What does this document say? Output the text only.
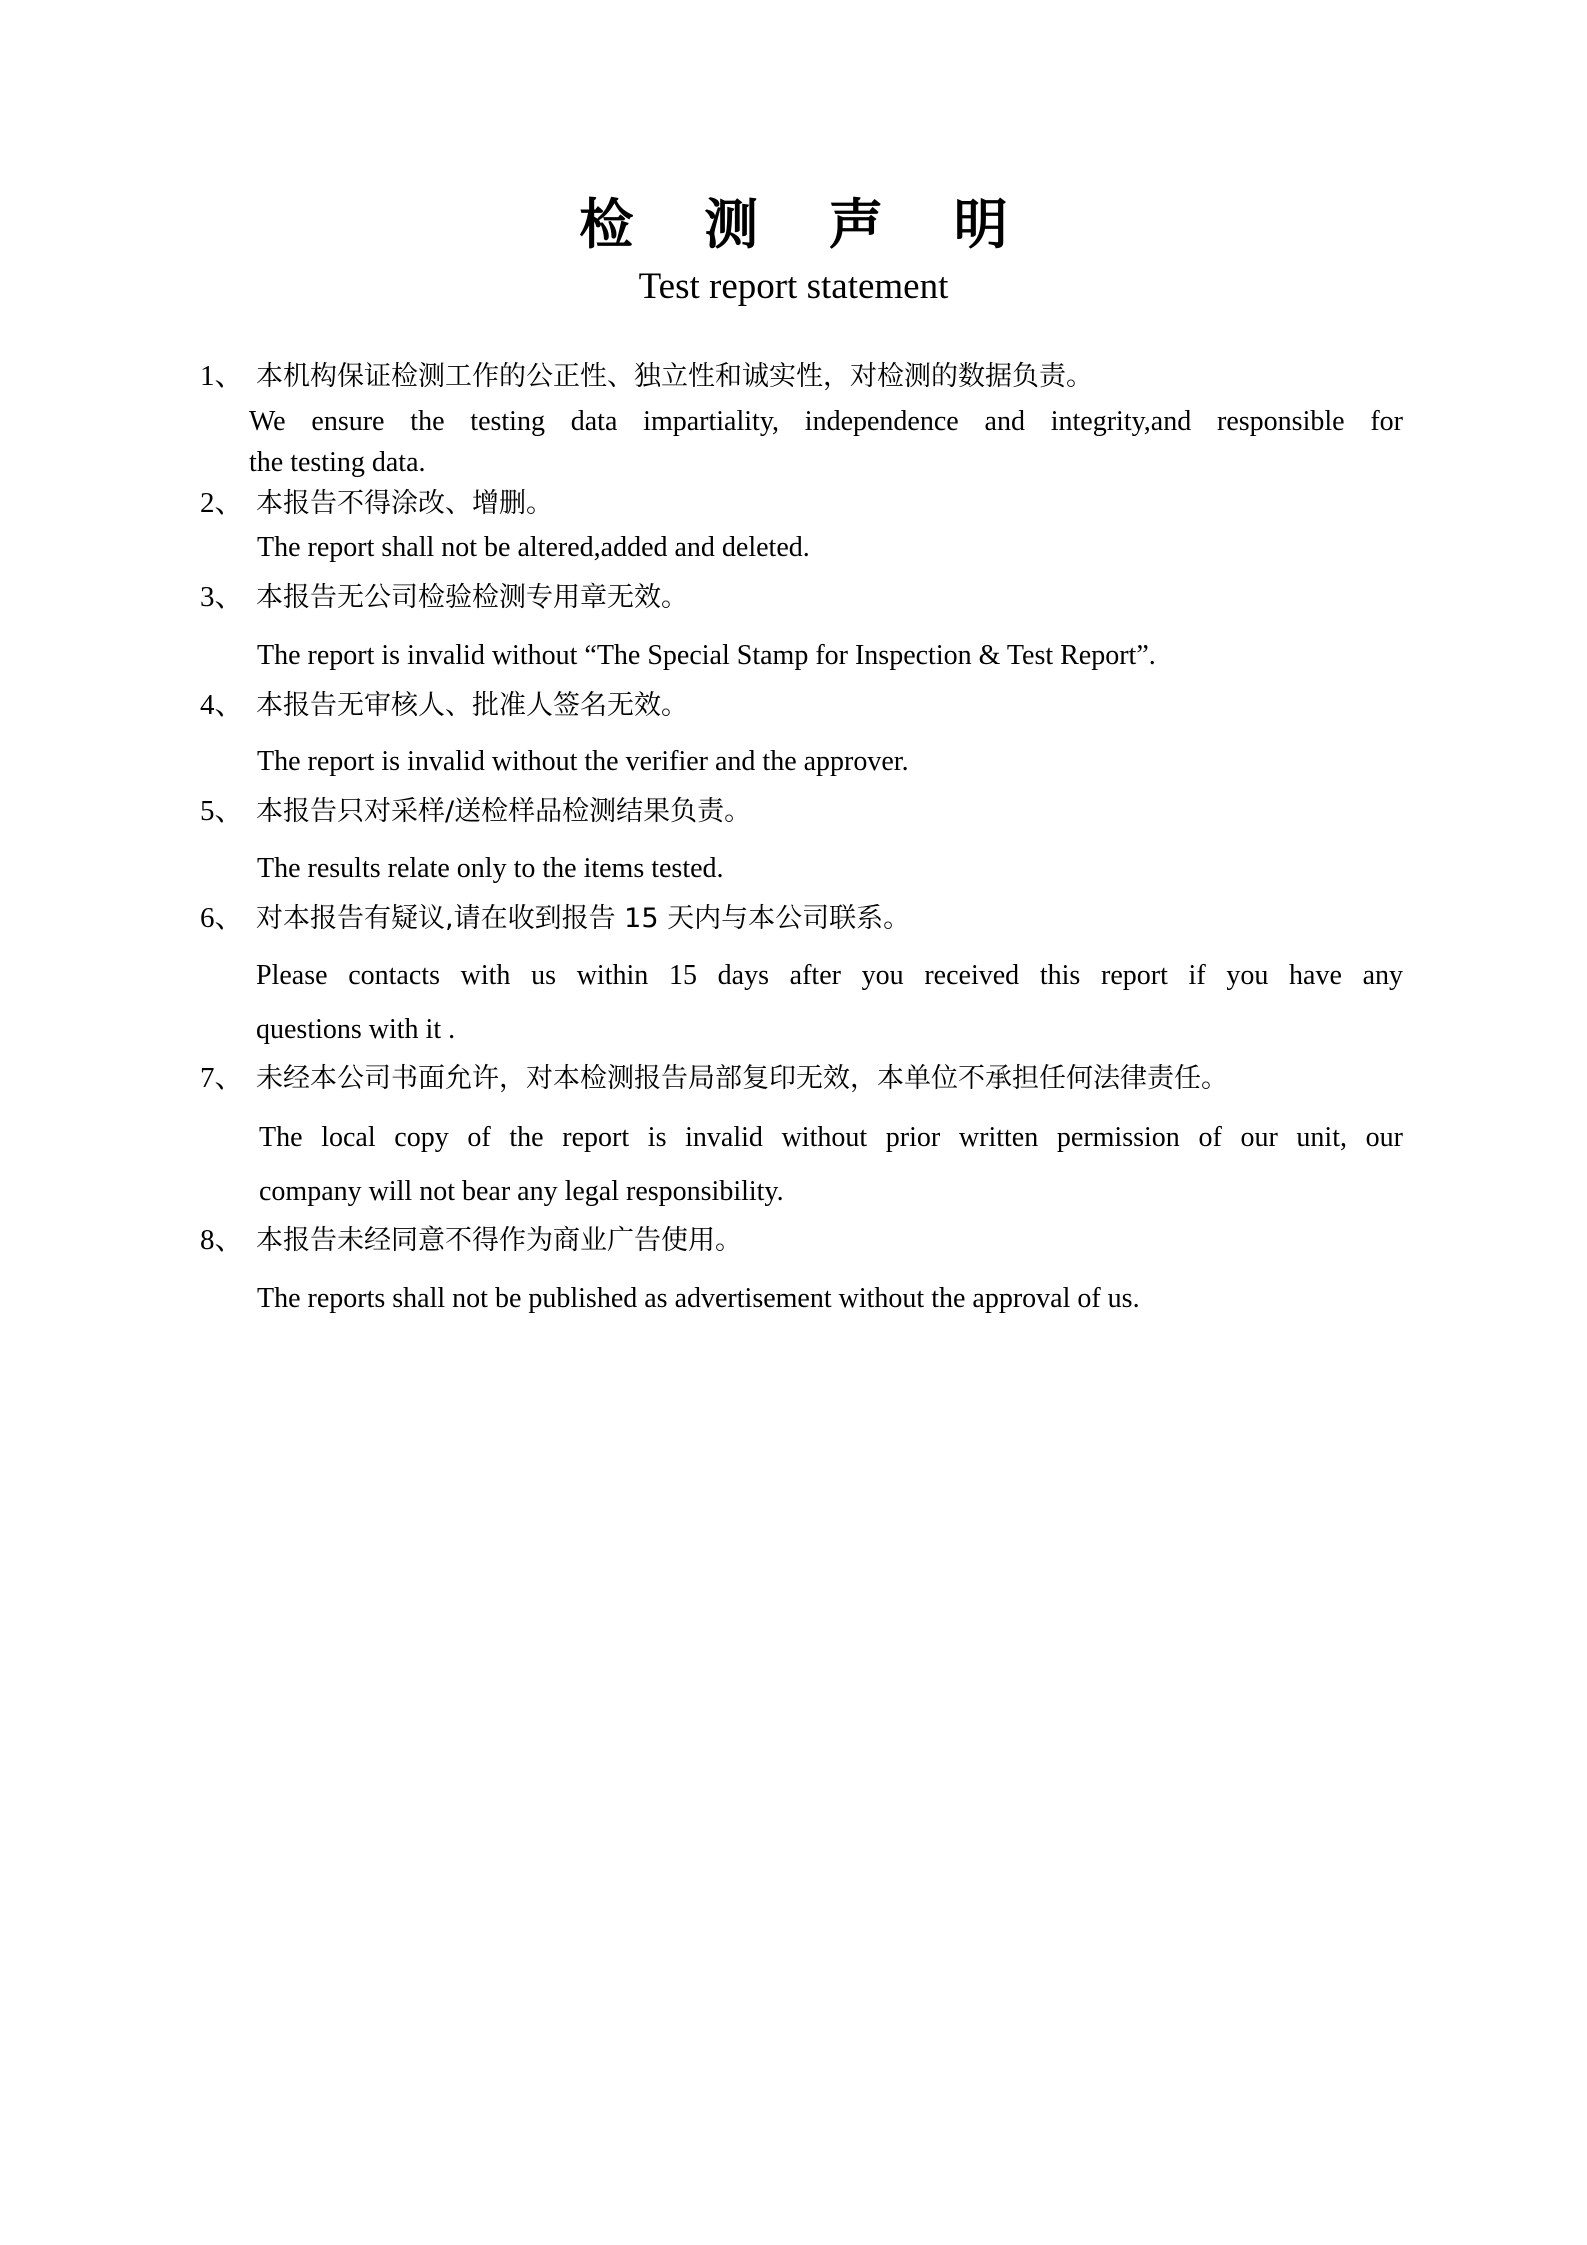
检 测 声 明
Test report statement
1、 本机构保证检测工作的公正性、独立性和诚实性，对检测的数据负责。
We ensure the testing data impartiality, independence and integrity,and responsible for
the testing data.
2、 本报告不得涂改、增删。
The report shall not be altered,added and deleted.
3、 本报告无公司检验检测专用章无效。
The report is invalid without “The Special Stamp for Inspection & Test Report”.
4、 本报告无审核人、批准人签名无效。
The report is invalid without the verifier and the approver.
5、 本报告只对采样/送检样品检测结果负责。
The results relate only to the items tested.
6、 对本报告有疑议,请在收到报告 15 天内与本公司联系。
Please contacts with us within 15 days after you received this report if you have any
questions with it .
7、 未经本公司书面允许，对本检测报告局部复印无效，本单位不承担任何法律责任。
The local copy of the report is invalid without prior written permission of our unit, our
company will not bear any legal responsibility.
8、 本报告未经同意不得作为商业广告使用。
The reports shall not be published as advertisement without the approval of us.
